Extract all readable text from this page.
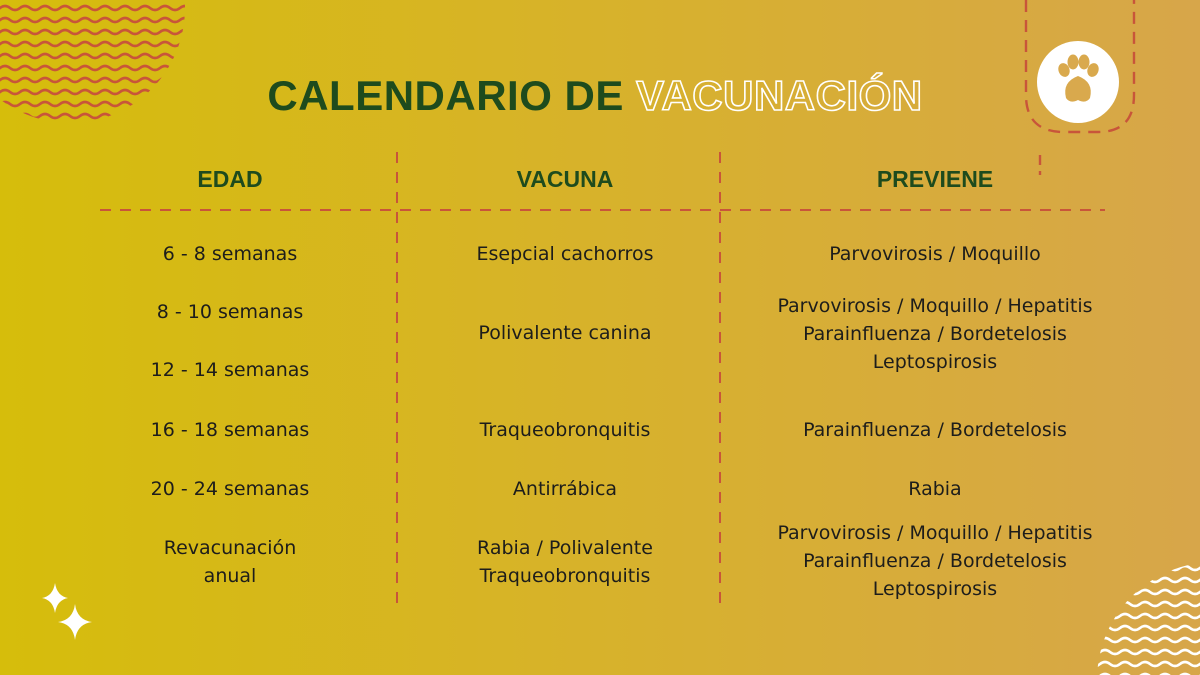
CALENDARIO DE VACUNACIÓN
EDAD	VACUNA	PREVIENE
6 - 8 semanas
8 - 10 semanas
12 - 14 semanas
16 - 18 semanas
20 - 24 semanas
Revacunación
anual
Esepcial cachorros
Polivalente canina
Traqueobronquitis
Antirrábica
Rabia / Polivalente
Traqueobronquitis
Parvovirosis / Moquillo
Parvovirosis / Moquillo / Hepatitis
Parainfluenza / Bordetelosis
Leptospirosis
Parainfluenza / Bordetelosis
Rabia
Parvovirosis / Moquillo / Hepatitis
Parainfluenza / Bordetelosis
Leptospirosis
